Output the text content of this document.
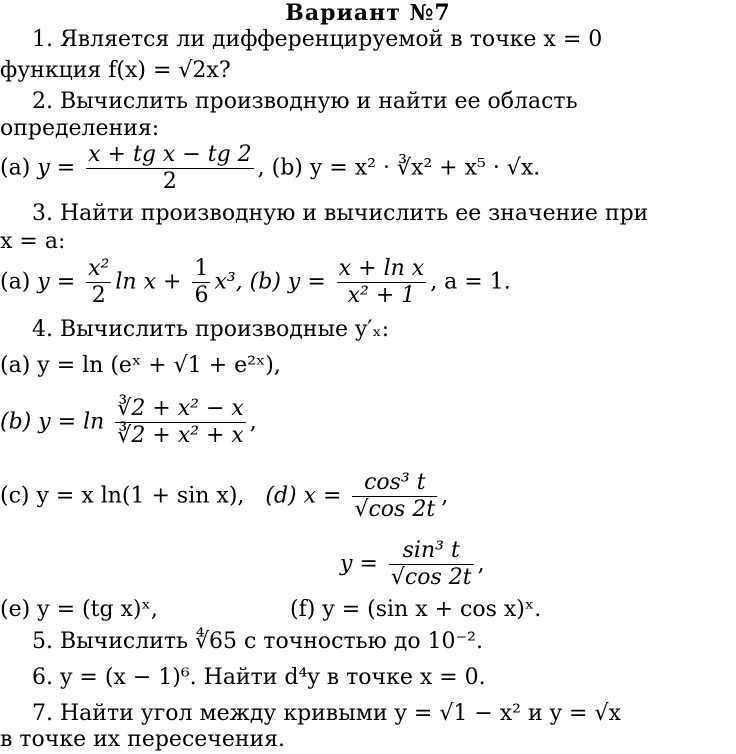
Вариант №7
1. Является ли дифференцируемой в точке x = 0
функция f(x) = √2x?
2. Вычислить производную и найти ее область
определения:
(a) $y = \frac{\text{x + tg x − tg 2}}{2}$ , (b) y = x² · ∛x² + x⁵ · √x.
3. Найти производную и вычислить ее значение при
x = a:
(a) $y = \frac{\text{x²}}{2}$ $\ln x + \frac{1}{6} x^3$, (b) $y = \frac{\text{x + ln x}}{\text{x² + 1}}$ , a = 1.
4. Вычислить производные y′ₓ:
(a) y = ln (eˣ + √1 + e²ˣ),
(b) $y = \ln \frac{\text{∛2 + x² − x}}{\text{∛2 + x² + x}}$ ,
(c) y = x ln(1 + sin x), (d) $x = \frac{\text{cos³ t}}{√\cos 2t}$ ,
$y = \frac{\text{sin³ t}}{√\cos 2t}$ ,
(e) y = (tg x)ˣ,	(f) y = (sin x + cos x)ˣ.
5. Вычислить ∜65 с точностью до 10⁻².
6. y = (x − 1)⁶. Найти d⁴y в точке x = 0.
7. Найти угол между кривыми y = √1 − x² и y = √x
в точке их пересечения.
